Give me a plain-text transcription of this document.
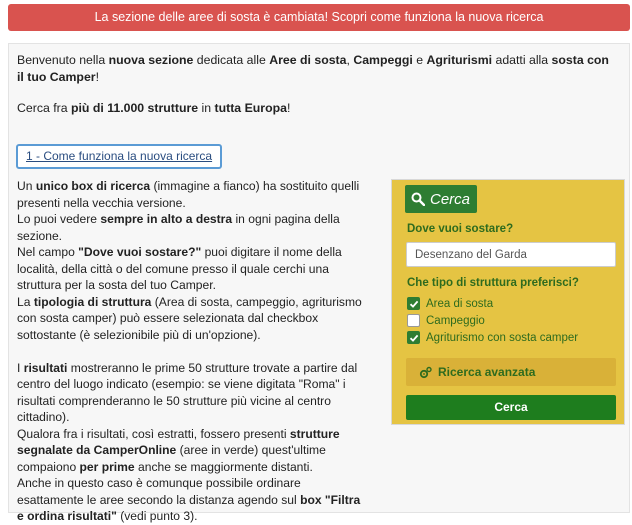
La sezione delle aree di sosta è cambiata! Scopri come funziona la nuova ricerca

Benvenuto nella nuova sezione dedicata alle Aree di sosta, Campeggi e Agriturismi adatti alla sosta con il tuo Camper!

Cerca fra più di 11.000 strutture in tutta Europa!

1 - Come funziona la nuova ricerca

Un unico box di ricerca (immagine a fianco) ha sostituito quelli presenti nella vecchia versione.
Lo puoi vedere sempre in alto a destra in ogni pagina della sezione.
Nel campo "Dove vuoi sostare?" puoi digitare il nome della località, della città o del comune presso il quale cerchi una struttura per la sosta del tuo Camper.
La tipologia di struttura (Area di sosta, campeggio, agriturismo con sosta camper) può essere selezionata dal checkbox sottostante (è selezionibile più di un'opzione).

I risultati mostreranno le prime 50 strutture trovate a partire dal centro del luogo indicato (esempio: se viene digitata "Roma" i risultati comprenderanno le 50 strutture più vicine al centro cittadino).
Qualora fra i risultati, così estratti, fossero presenti strutture segnalate da CamperOnline (aree in verde) quest'ultime compaiono per prime anche se maggiormente distanti.
Anche in questo caso è comunque possibile ordinare esattamente le aree secondo la distanza agendo sul box "Filtra e ordina risultati" (vedi punto 3).

Cerca
Dove vuoi sostare?
Desenzano del Garda
Che tipo di struttura preferisci?
Area di sosta
Campeggio
Agriturismo con sosta camper
Ricerca avanzata
Cerca
